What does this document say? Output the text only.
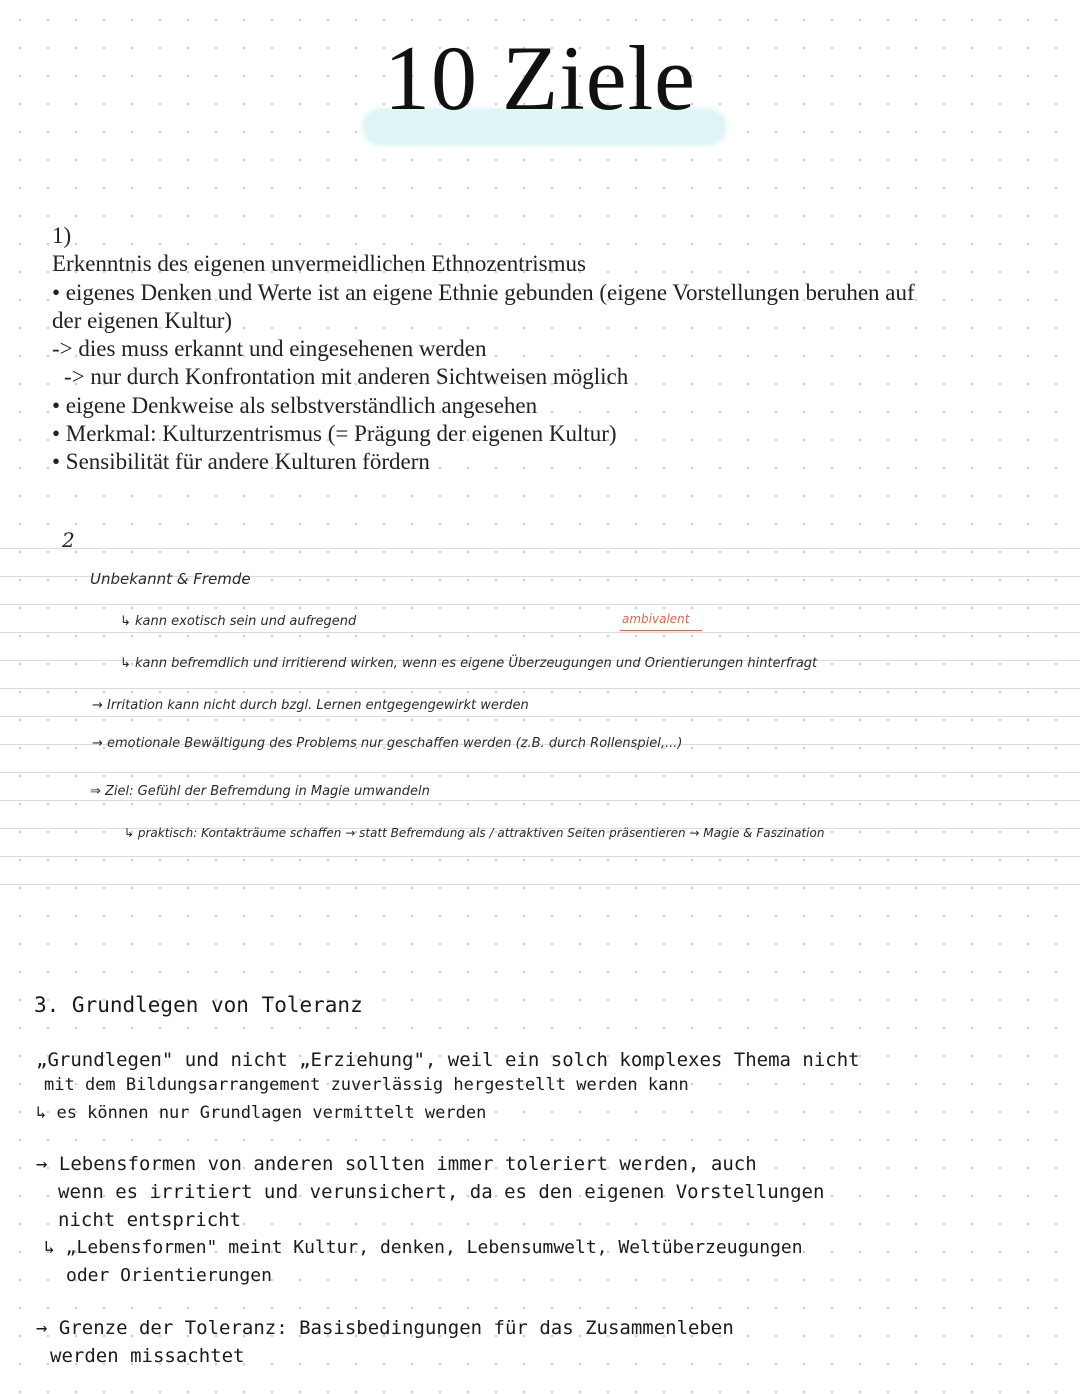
10 Ziele
1)
Erkenntnis des eigenen unvermeidlichen Ethnozentrismus
• eigenes Denken und Werte ist an eigene Ethnie gebunden (eigene Vorstellungen beruhen auf
der eigenen Kultur)
-> dies muss erkannt und eingesehenen werden
-> nur durch Konfrontation mit anderen Sichtweisen möglich
• eigene Denkweise als selbstverständlich angesehen
• Merkmal: Kulturzentrismus (= Prägung der eigenen Kultur)
• Sensibilität für andere Kulturen fördern
2
ambivalent
Unbekannt & Fremde
↳ kann exotisch sein und aufregend
↳ kann befremdlich und irritierend wirken, wenn es eigene Überzeugungen und Orientierungen hinterfragt
→ Irritation kann nicht durch bzgl. Lernen entgegengewirkt werden
→ emotionale Bewältigung des Problems nur geschaffen werden (z.B. durch Rollenspiel,...)
⇒ Ziel: Gefühl der Befremdung in Magie umwandeln
↳ praktisch: Kontakträume schaffen → statt Befremdung als / attraktiven Seiten präsentieren → Magie & Faszination
3. Grundlegen von Toleranz
„Grundlegen" und nicht „Erziehung", weil ein solch komplexes Thema nicht
mit dem Bildungsarrangement zuverlässig hergestellt werden kann
↳ es können nur Grundlagen vermittelt werden
→ Lebensformen von anderen sollten immer toleriert werden, auch
wenn es irritiert und verunsichert, da es den eigenen Vorstellungen
nicht entspricht
↳ „Lebensformen" meint Kultur, denken, Lebensumwelt, Weltüberzeugungen
oder Orientierungen
→ Grenze der Toleranz: Basisbedingungen für das Zusammenleben
werden missachtet
